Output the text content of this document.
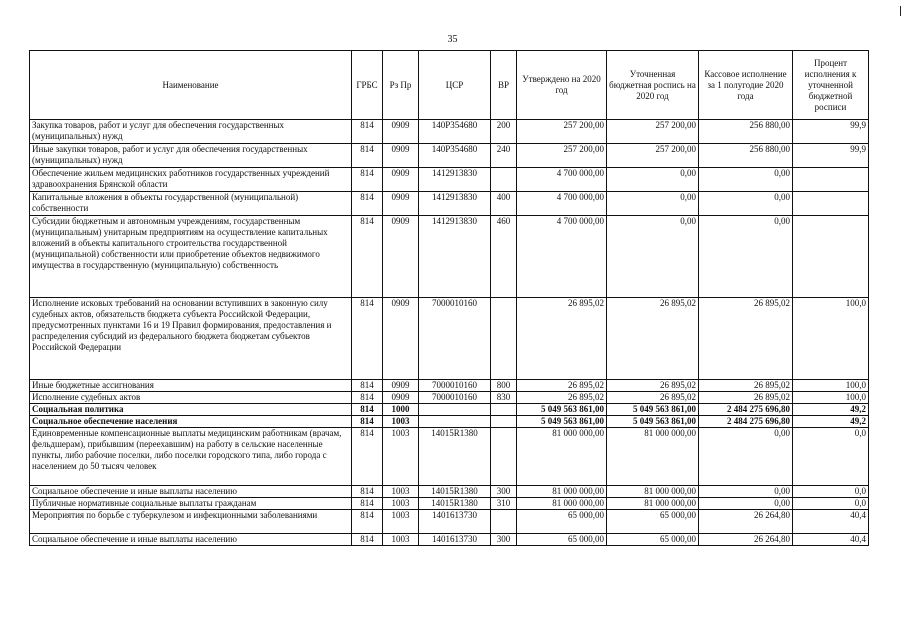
35
Наименование	ГРБС	Рз Пр	ЦСР	ВР	Утверждено на 2020 год	Уточненная бюджетная роспись на 2020 год	Кассовое исполнение за 1 полугодие 2020 года	Процент исполнения к уточненной бюджетной росписи
Закупка товаров, работ и услуг для обеспечения государственных (муниципальных) нужд	814	0909	140P354680	200	257 200,00	257 200,00	256 880,00	99,9
Иные закупки товаров, работ и услуг для обеспечения государственных (муниципальных) нужд	814	0909	140P354680	240	257 200,00	257 200,00	256 880,00	99,9
Обеспечение жильем медицинских работников государственных учреждений здравоохранения Брянской области	814	0909	1412913830		4 700 000,00	0,00	0,00	
Капитальные вложения в объекты государственной (муниципальной) собственности	814	0909	1412913830	400	4 700 000,00	0,00	0,00	
Субсидии бюджетным и автономным учреждениям, государственным (муниципальным) унитарным предприятиям на осуществление капитальных вложений в объекты капитального строительства государственной (муниципальной) собственности или приобретение объектов недвижимого имущества в государственную (муниципальную) собственность	814	0909	1412913830	460	4 700 000,00	0,00	0,00	
Исполнение исковых требований на основании вступивших в законную силу судебных актов, обязательств бюджета субъекта Российской Федерации, предусмотренных пунктами 16 и 19 Правил формирования, предоставления и распределения субсидий из федерального бюджета бюджетам субъектов Российской Федерации	814	0909	7000010160		26 895,02	26 895,02	26 895,02	100,0
Иные бюджетные ассигнования	814	0909	7000010160	800	26 895,02	26 895,02	26 895,02	100,0
Исполнение судебных актов	814	0909	7000010160	830	26 895,02	26 895,02	26 895,02	100,0
Социальная политика	814	1000			5 049 563 861,00	5 049 563 861,00	2 484 275 696,80	49,2
Социальное обеспечение населения	814	1003			5 049 563 861,00	5 049 563 861,00	2 484 275 696,80	49,2
Единовременные компенсационные выплаты медицинским работникам (врачам, фельдшерам), прибывшим (переехавшим) на работу в сельские населенные пункты, либо рабочие поселки, либо поселки городского типа, либо города с населением до 50 тысяч человек	814	1003	14015R1380		81 000 000,00	81 000 000,00	0,00	0,0
Социальное обеспечение и иные выплаты населению	814	1003	14015R1380	300	81 000 000,00	81 000 000,00	0,00	0,0
Публичные нормативные социальные выплаты гражданам	814	1003	14015R1380	310	81 000 000,00	81 000 000,00	0,00	0,0
Мероприятия по борьбе с туберкулезом и инфекционными заболеваниями	814	1003	1401613730		65 000,00	65 000,00	26 264,80	40,4
Социальное обеспечение и иные выплаты населению	814	1003	1401613730	300	65 000,00	65 000,00	26 264,80	40,4
